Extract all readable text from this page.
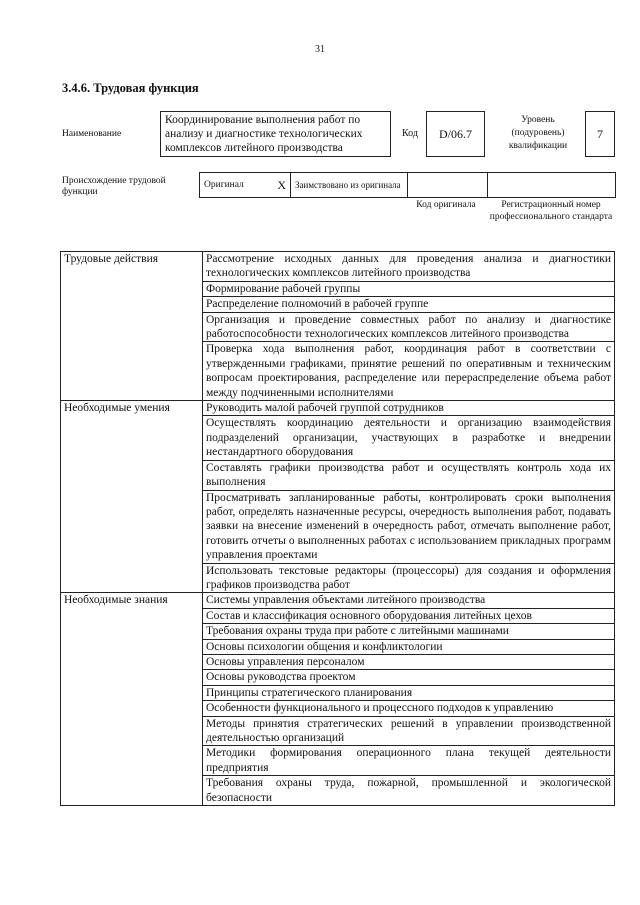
31
3.4.6. Трудовая функция
Наименование
Координирование выполнения работ по анализу и диагностике технологических комплексов литейного производства
Код	D/06.7
Уровень (подуровень) квалификации
7
Происхождение трудовой функции
Оригинал	X	Заимствовано из оригинала		
Код оригинала	Регистрационный номер профессионального стандарта
Трудовые действия	Рассмотрение исходных данных для проведения анализа и диагностики технологических комплексов литейного производства
	Формирование рабочей группы
	Распределение полномочий в рабочей группе
	Организация и проведение совместных работ по анализу и диагностике работоспособности технологических комплексов литейного производства
	Проверка хода выполнения работ, координация работ в соответствии с утвержденными графиками, принятие решений по оперативным и техническим вопросам проектирования, распределение или перераспределение объема работ между подчиненными исполнителями
Необходимые умения	Руководить малой рабочей группой сотрудников
	Осуществлять координацию деятельности и организацию взаимодействия подразделений организации, участвующих в разработке и внедрении нестандартного оборудования
	Составлять графики производства работ и осуществлять контроль хода их выполнения
	Просматривать запланированные работы, контролировать сроки выполнения работ, определять назначенные ресурсы, очередность выполнения работ, подавать заявки на внесение изменений в очередность работ, отмечать выполнение работ, готовить отчеты о выполненных работах с использованием прикладных программ управления проектами
	Использовать текстовые редакторы (процессоры) для создания и оформления графиков производства работ
Необходимые знания	Системы управления объектами литейного производства
	Состав и классификация основного оборудования литейных цехов
	Требования охраны труда при работе с литейными машинами
	Основы психологии общения и конфликтологии
	Основы управления персоналом
	Основы руководства проектом
	Принципы стратегического планирования
	Особенности функционального и процессного подходов к управлению
	Методы принятия стратегических решений в управлении производственной деятельностью организаций
	Методики формирования операционного плана текущей деятельности предприятия
	Требования охраны труда, пожарной, промышленной и экологической безопасности
